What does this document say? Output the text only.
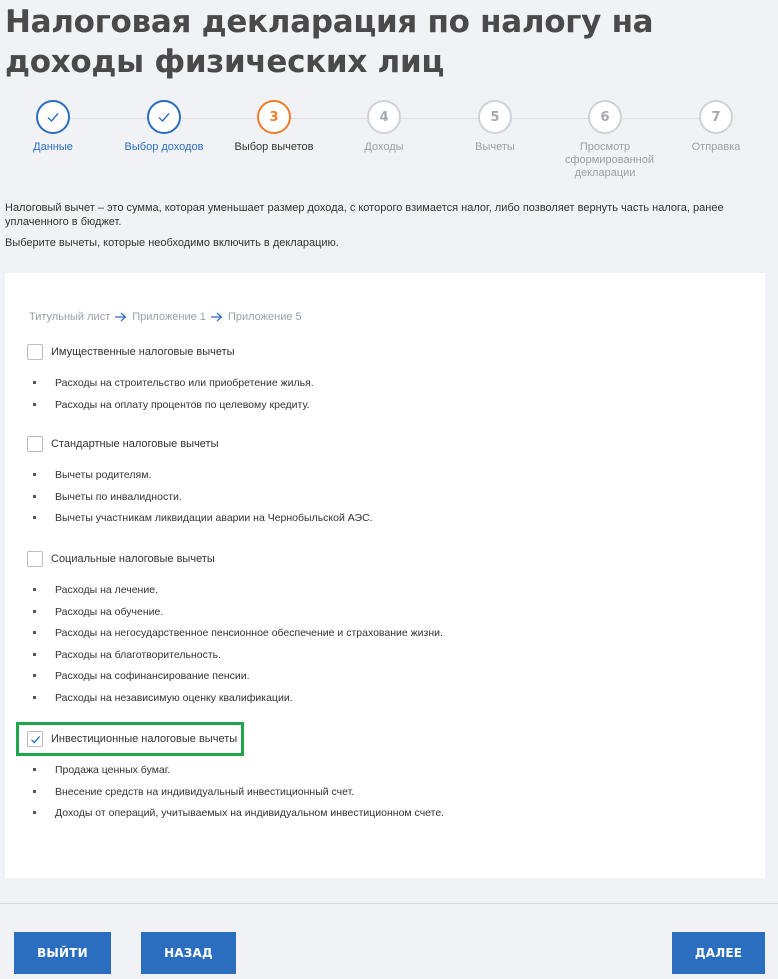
Налоговая декларация по налогу на доходы физических лиц
Данные	Выбор доходов
3
Выбор вычетов
4
Доходы
5
Вычеты
6
Просмотр сформированной декларации
7
Отправка

Налоговый вычет – это сумма, которая уменьшает размер дохода, с которого взимается налог, либо позволяет вернуть часть налога, ранее уплаченного в бюджет.

Выберите вычеты, которые необходимо включить в декларацию.

Титульный лист Приложение 1 Приложение 5
Имущественные налоговые вычеты
Расходы на строительство или приобретение жилья.
Расходы на оплату процентов по целевому кредиту.
Стандартные налоговые вычеты
Вычеты родителям.
Вычеты по инвалидности.
Вычеты участникам ликвидации аварии на Чернобыльской АЭС.
Социальные налоговые вычеты
Расходы на лечение.
Расходы на обучение.
Расходы на негосударственное пенсионное обеспечение и страхование жизни.
Расходы на благотворительность.
Расходы на софинансирование пенсии.
Расходы на независимую оценку квалификации.
Инвестиционные налоговые вычеты
Продажа ценных бумаг.
Внесение средств на индивидуальный инвестиционный счет.
Доходы от операций, учитываемых на индивидуальном инвестиционном счете.
ВЫЙТИ	НАЗАД	ДАЛЕЕ
